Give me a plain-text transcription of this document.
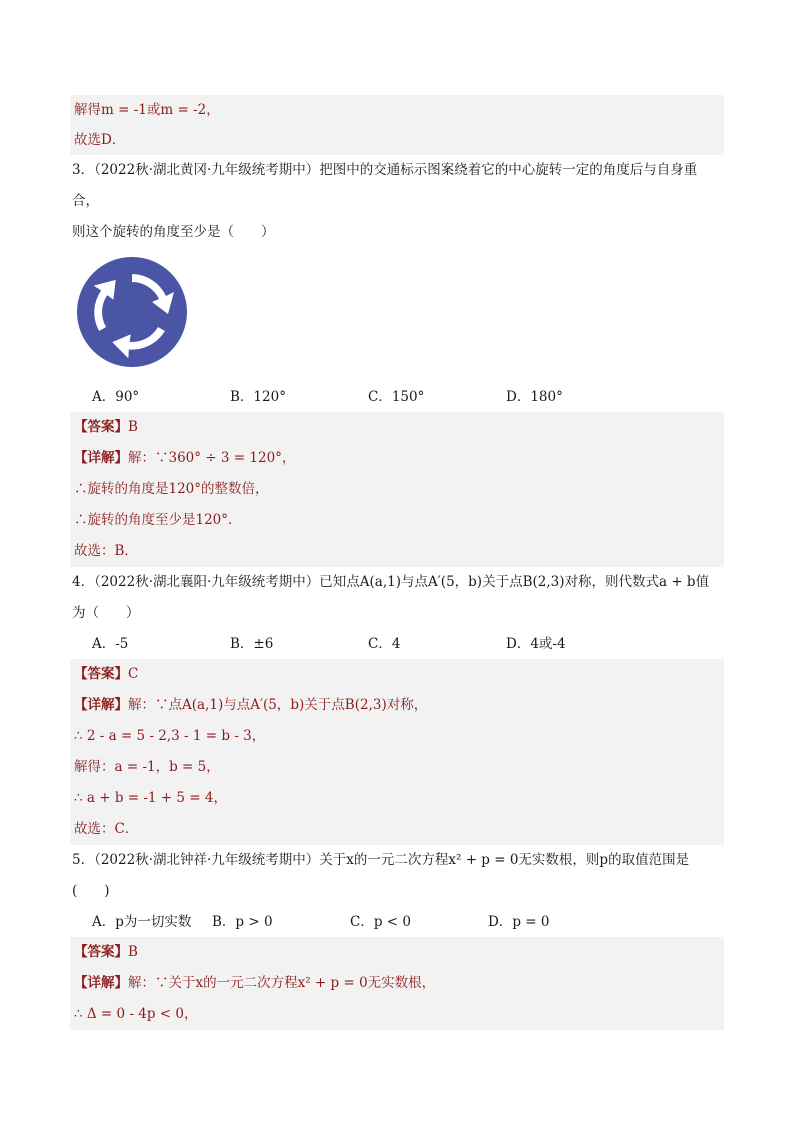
解得m = -1或m = -2，
故选D．
3．（2022秋·湖北黄冈·九年级统考期中）把图中的交通标示图案绕着它的中心旋转一定的角度后与自身重合，
则这个旋转的角度至少是（　　）
A．90°	B．120°	C．150°	D．180°
【答案】B
【详解】解：∵360° ÷ 3 = 120°，
∴旋转的角度是120°的整数倍，
∴旋转的角度至少是120°．
故选：B．
4．（2022秋·湖北襄阳·九年级统考期中）已知点A(a,1)与点A′(5，b)关于点B(2,3)对称，则代数式a + b值
为（　　）
A．-5	B．±6	C．4	D．4或-4
【答案】C
【详解】解：∵点A(a,1)与点A′(5，b)关于点B(2,3)对称，
∴ 2 - a = 5 - 2,3 - 1 = b - 3，
解得：a = -1，b = 5，
∴ a + b = -1 + 5 = 4，
故选：C．
5．（2022秋·湖北钟祥·九年级统考期中）关于x的一元二次方程x² + p = 0无实数根，则p的取值范围是(　　)
A．p为一切实数	B．p > 0	C．p < 0	D．p = 0
【答案】B
【详解】解：∵关于x的一元二次方程x² + p = 0无实数根，
∴ Δ = 0 - 4p < 0，
